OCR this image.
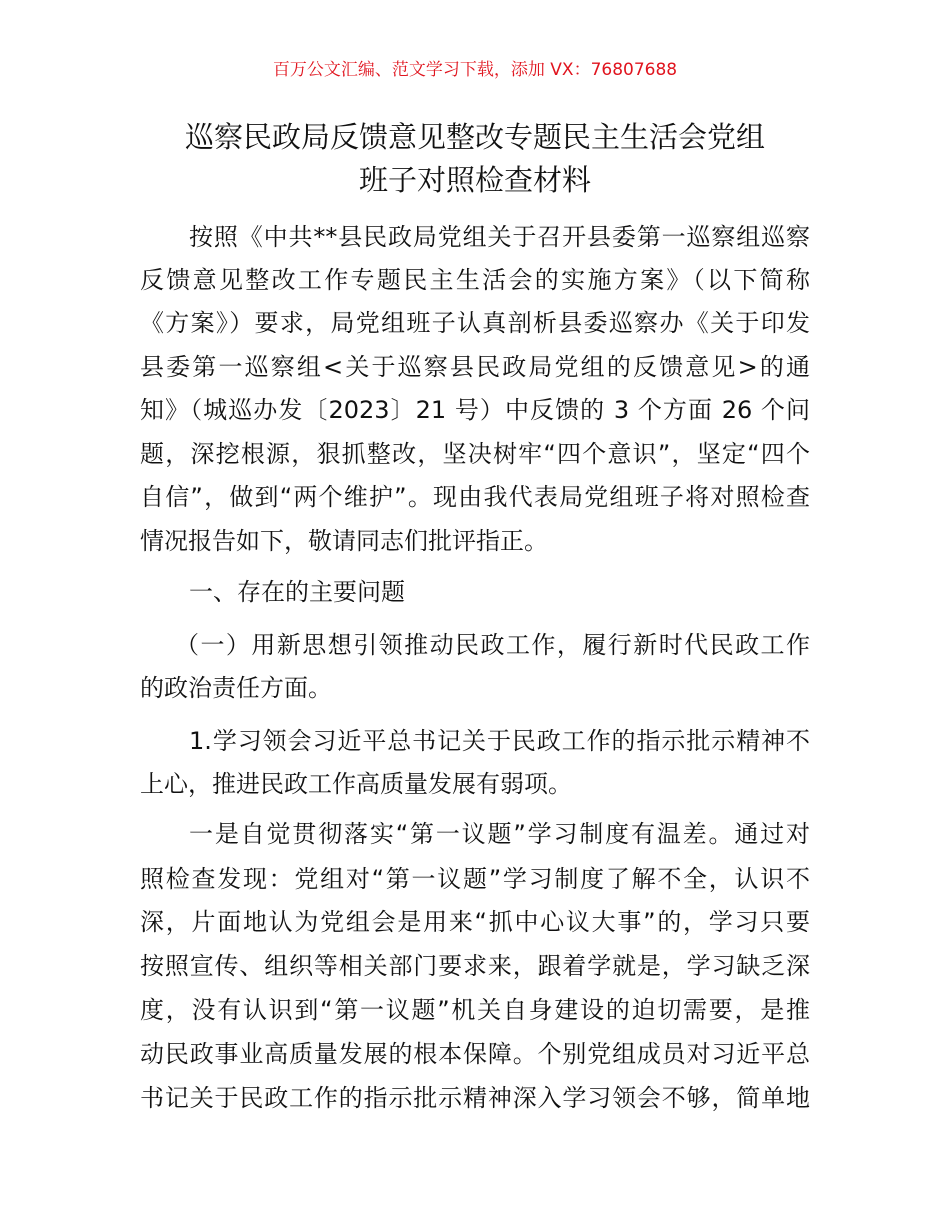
百万公文汇编、范文学习下载，添加 VX：76807688
巡察民政局反馈意见整改专题民主生活会党组
班子对照检查材料
按照《中共**县民政局党组关于召开县委第一巡察组巡察
反馈意见整改工作专题民主生活会的实施方案》（以下简称
《方案》）要求，局党组班子认真剖析县委巡察办《关于印发
县委第一巡察组<关于巡察县民政局党组的反馈意见>的通
知》（城巡办发〔2023〕21 号）中反馈的 3 个方面 26 个问
题，深挖根源，狠抓整改，坚决树牢“四个意识”，坚定“四个
自信”，做到“两个维护”。现由我代表局党组班子将对照检查
情况报告如下，敬请同志们批评指正。
一、存在的主要问题
（一）用新思想引领推动民政工作，履行新时代民政工作
的政治责任方面。
1.学习领会习近平总书记关于民政工作的指示批示精神不
上心，推进民政工作高质量发展有弱项。
一是自觉贯彻落实“第一议题”学习制度有温差。通过对
照检查发现：党组对“第一议题”学习制度了解不全，认识不
深，片面地认为党组会是用来“抓中心议大事”的，学习只要
按照宣传、组织等相关部门要求来，跟着学就是，学习缺乏深
度，没有认识到“第一议题”机关自身建设的迫切需要，是推
动民政事业高质量发展的根本保障。个别党组成员对习近平总
书记关于民政工作的指示批示精神深入学习领会不够，简单地
